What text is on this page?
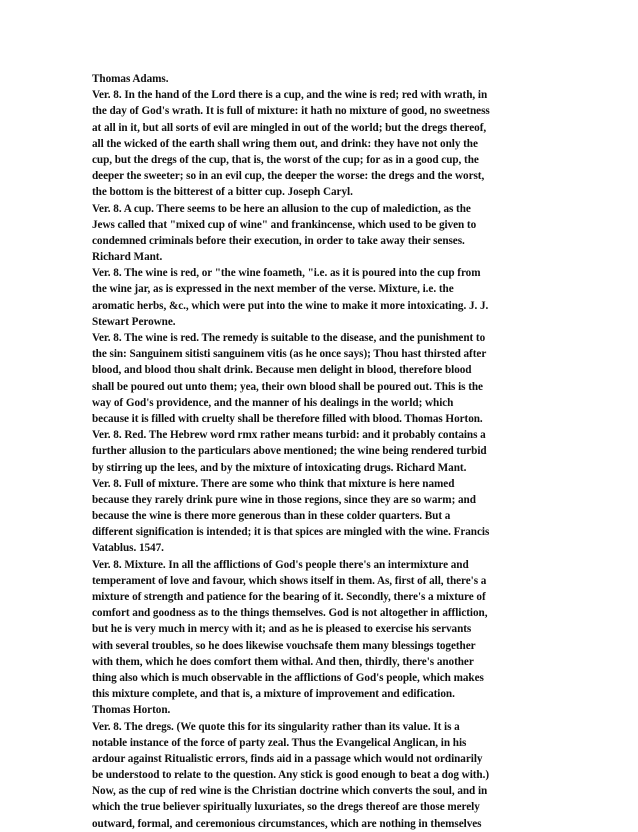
Thomas Adams.
Ver. 8. In the hand of the Lord there is a cup, and the wine is red; red with wrath, in
the day of God's wrath. It is full of mixture: it hath no mixture of good, no sweetness
at all in it, but all sorts of evil are mingled in out of the world; but the dregs thereof,
all the wicked of the earth shall wring them out, and drink: they have not only the
cup, but the dregs of the cup, that is, the worst of the cup; for as in a good cup, the
deeper the sweeter; so in an evil cup, the deeper the worse: the dregs and the worst,
the bottom is the bitterest of a bitter cup. Joseph Caryl.
Ver. 8. A cup. There seems to be here an allusion to the cup of malediction, as the
Jews called that "mixed cup of wine" and frankincense, which used to be given to
condemned criminals before their execution, in order to take away their senses.
Richard Mant.
Ver. 8. The wine is red, or "the wine foameth, "i.e. as it is poured into the cup from
the wine jar, as is expressed in the next member of the verse. Mixture, i.e. the
aromatic herbs, &c., which were put into the wine to make it more intoxicating. J. J.
Stewart Perowne.
Ver. 8. The wine is red. The remedy is suitable to the disease, and the punishment to
the sin: Sanguinem sitisti sanguinem vitis (as he once says); Thou hast thirsted after
blood, and blood thou shalt drink. Because men delight in blood, therefore blood
shall be poured out unto them; yea, their own blood shall be poured out. This is the
way of God's providence, and the manner of his dealings in the world; which
because it is filled with cruelty shall be therefore filled with blood. Thomas Horton.
Ver. 8. Red. The Hebrew word rmx rather means turbid: and it probably contains a
further allusion to the particulars above mentioned; the wine being rendered turbid
by stirring up the lees, and by the mixture of intoxicating drugs. Richard Mant.
Ver. 8. Full of mixture. There are some who think that mixture is here named
because they rarely drink pure wine in those regions, since they are so warm; and
because the wine is there more generous than in these colder quarters. But a
different signification is intended; it is that spices are mingled with the wine. Francis
Vatablus. 1547.
Ver. 8. Mixture. In all the afflictions of God's people there's an intermixture and
temperament of love and favour, which shows itself in them. As, first of all, there's a
mixture of strength and patience for the bearing of it. Secondly, there's a mixture of
comfort and goodness as to the things themselves. God is not altogether in affliction,
but he is very much in mercy with it; and as he is pleased to exercise his servants
with several troubles, so he does likewise vouchsafe them many blessings together
with them, which he does comfort them withal. And then, thirdly, there's another
thing also which is much observable in the afflictions of God's people, which makes
this mixture complete, and that is, a mixture of improvement and edification.
Thomas Horton.
Ver. 8. The dregs. (We quote this for its singularity rather than its value. It is a
notable instance of the force of party zeal. Thus the Evangelical Anglican, in his
ardour against Ritualistic errors, finds aid in a passage which would not ordinarily
be understood to relate to the question. Any stick is good enough to beat a dog with.)
Now, as the cup of red wine is the Christian doctrine which converts the soul, and in
which the true believer spiritually luxuriates, so the dregs thereof are those merely
outward, formal, and ceremonious circumstances, which are nothing in themselves
